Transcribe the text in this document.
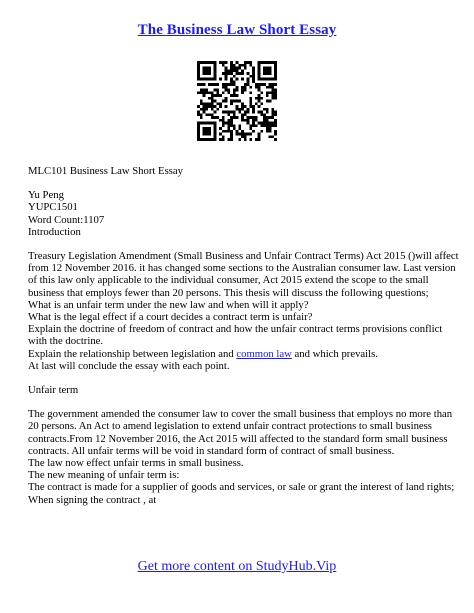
The Business Law Short Essay

MLC101 Business Law Short Essay

Yu Peng

YUPC1501

Word Count:1107

Introduction

Treasury Legislation Amendment (Small Business and Unfair Contract Terms) Act 2015 ()will affect from 12 November 2016. it has changed some sections to the Australian consumer law. Last version of this law only applicable to the individual consumer, Act 2015 extend the scope to the small business that employs fewer than 20 persons. This thesis will discuss the following questions;

What is an unfair term under the new law and when will it apply?

What is the legal effect if a court decides a contract term is unfair?

Explain the doctrine of freedom of contract and how the unfair contract terms provisions conflict with the doctrine.

Explain the relationship between legislation and common law and which prevails.

At last will conclude the essay with each point.

Unfair term

The government amended the consumer law to cover the small business that employs no more than 20 persons. An Act to amend legislation to extend unfair contract protections to small business contracts.From 12 November 2016, the Act 2015 will affected to the standard form small business contracts. All unfair terms will be void in standard form of contract of small business.

The law now effect unfair terms in small business.

The new meaning of unfair term is:

The contract is made for a supplier of goods and services, or sale or grant the interest of land rights;

When signing the contract , at

Get more content on StudyHub.Vip
